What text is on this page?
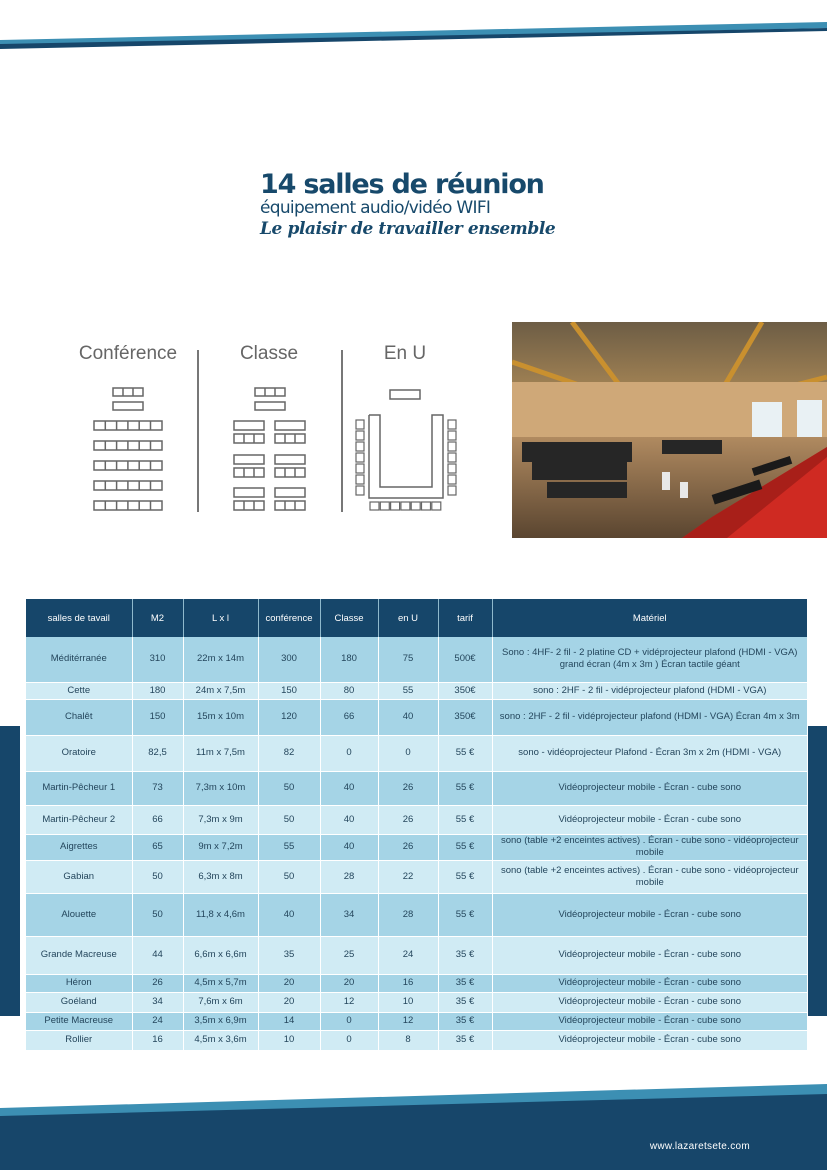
www.lazaretsete.com
14 salles de réunion
équipement audio/vidéo WIFI
Le plaisir de travailler ensemble
Conférence	Classe	En U
salles de tavail	M2	L x l	conférence	Classe	en U	tarif	Matériel
Méditérranée	310	22m x 14m	300	180	75	500€	Sono : 4HF- 2 fil - 2 platine CD + vidéprojecteur plafond (HDMI - VGA) grand écran (4m x 3m ) Écran tactile géant
Cette	180	24m x 7,5m	150	80	55	350€	sono : 2HF - 2 fil - vidéprojecteur plafond (HDMI - VGA)
Chalêt	150	15m x 10m	120	66	40	350€	sono : 2HF - 2 fil - vidéprojecteur plafond (HDMI - VGA) Écran 4m x 3m
Oratoire	82,5	11m x 7,5m	82	0	0	55 €	sono - vidéoprojecteur Plafond - Écran 3m x 2m (HDMI - VGA)
Martin-Pêcheur 1	73	7,3m x 10m	50	40	26	55 €	Vidéoprojecteur mobile - Écran - cube sono
Martin-Pêcheur 2	66	7,3m x 9m	50	40	26	55 €	Vidéoprojecteur mobile - Écran - cube sono
Aigrettes	65	9m x 7,2m	55	40	26	55 €	sono (table +2 enceintes actives) . Écran - cube sono - vidéoprojecteur mobile
Gabian	50	6,3m x 8m	50	28	22	55 €	sono (table +2 enceintes actives) . Écran - cube sono - vidéoprojecteur mobile
Alouette	50	11,8 x 4,6m	40	34	28	55 €	Vidéoprojecteur mobile - Écran - cube sono
Grande Macreuse	44	6,6m x 6,6m	35	25	24	35 €	Vidéoprojecteur mobile - Écran - cube sono
Héron	26	4,5m x 5,7m	20	20	16	35 €	Vidéoprojecteur mobile - Écran - cube sono
Goéland	34	7,6m x 6m	20	12	10	35 €	Vidéoprojecteur mobile - Écran - cube sono
Petite Macreuse	24	3,5m x 6,9m	14	0	12	35 €	Vidéoprojecteur mobile - Écran - cube sono
Rollier	16	4,5m x 3,6m	10	0	8	35 €	Vidéoprojecteur mobile - Écran - cube sono
